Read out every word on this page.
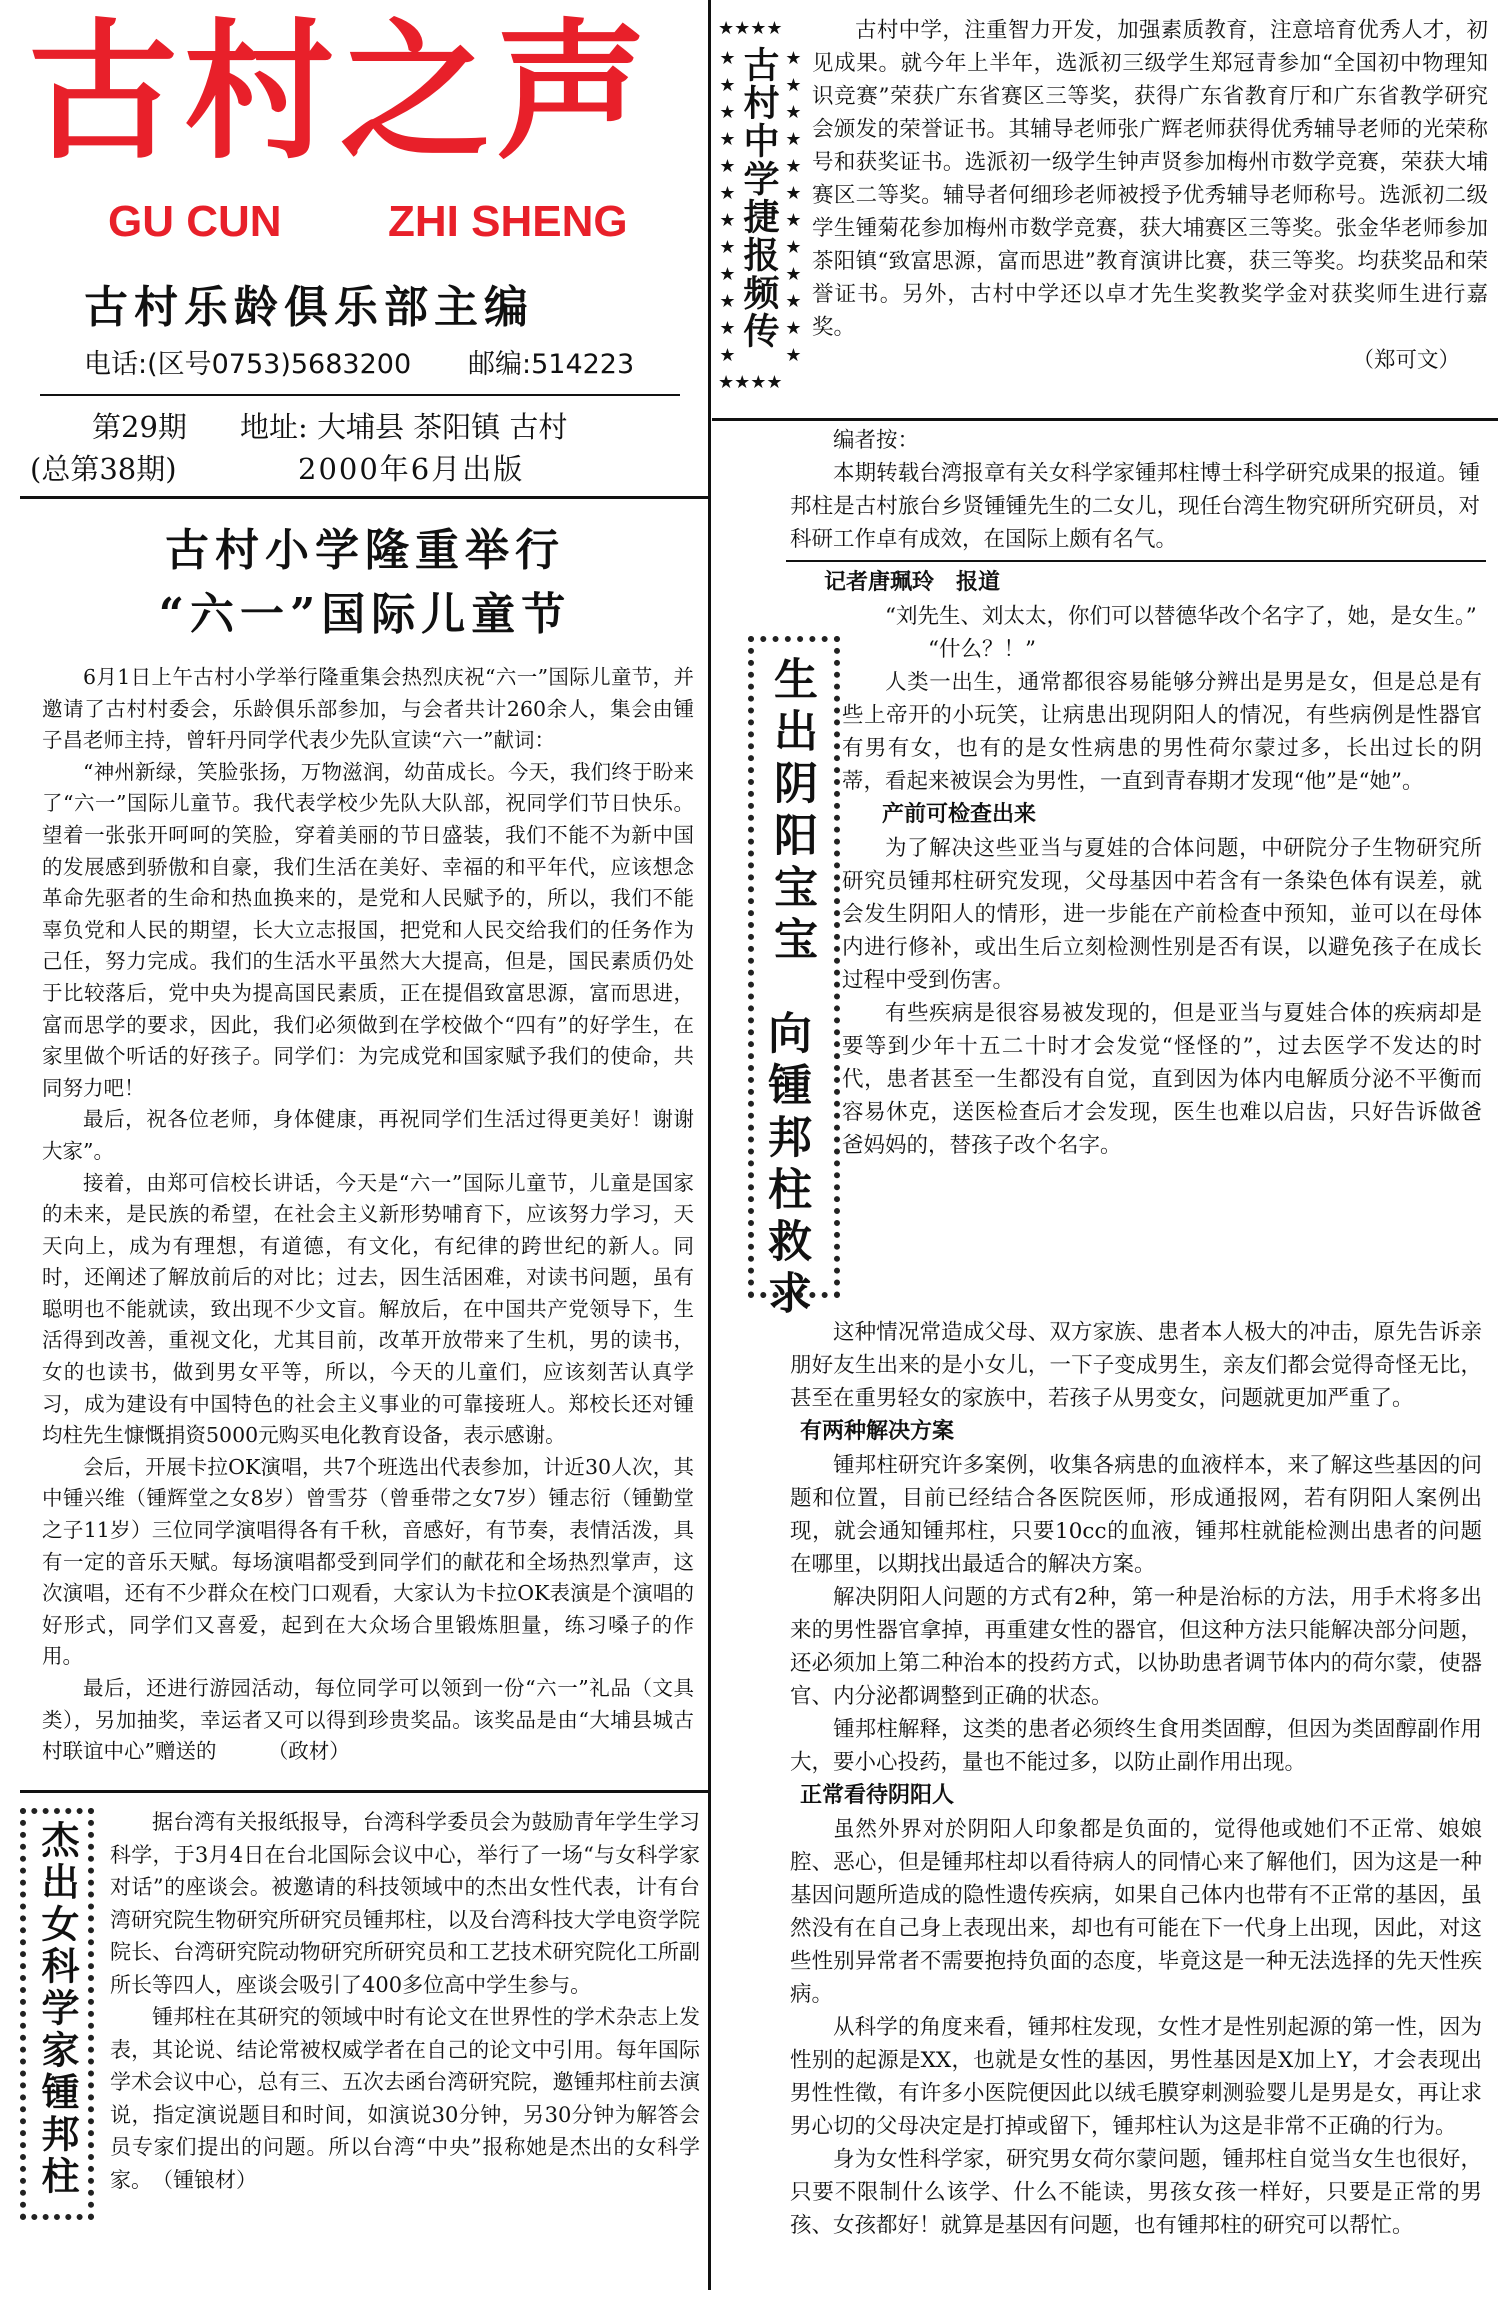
古村之声
GU CUN ZHI SHENG
古村乐龄俱乐部主编
电话:(区号0753)5683200 邮编:514223
第29期 地址: 大埔县 茶阳镇 古村
(总第38期)	2000年6月出版
★★★★
★★★★★★★★★★★★
★★★★★★★★★★★★
古村中学捷报频传
★★★★

古村中学，注重智力开发，加强素质教育，注意培育优秀人才，初见成果。就今年上半年，选派初三级学生郑冠青参加“全国初中物理知识竞赛”荣获广东省赛区三等奖，获得广东省教育厅和广东省教学研究会颁发的荣誉证书。其辅导老师张广辉老师获得优秀辅导老师的光荣称号和获奖证书。选派初一级学生钟声贤参加梅州市数学竞赛，荣获大埔赛区二等奖。辅导者何细珍老师被授予优秀辅导老师称号。选派初二级学生锺菊花参加梅州市数学竞赛，获大埔赛区三等奖。张金华老师参加茶阳镇“致富思源，富而思进”教育演讲比赛，获三等奖。均获奖品和荣誉证书。另外，古村中学还以卓才先生奖教奖学金对获奖师生进行嘉奖。

（郑可文）
古村小学隆重举行
“六一”国际儿童节

6月1日上午古村小学举行隆重集会热烈庆祝“六一”国际儿童节，并邀请了古村村委会，乐龄俱乐部参加，与会者共计260余人，集会由锺子昌老师主持，曾轩丹同学代表少先队宣读“六一”献词：

“神州新绿，笑脸张扬，万物滋润，幼苗成长。今天，我们终于盼来了“六一”国际儿童节。我代表学校少先队大队部，祝同学们节日快乐。望着一张张开呵呵的笑脸，穿着美丽的节日盛装，我们不能不为新中国的发展感到骄傲和自豪，我们生活在美好、幸福的和平年代，应该想念革命先驱者的生命和热血换来的，是党和人民赋予的，所以，我们不能辜负党和人民的期望，长大立志报国，把党和人民交给我们的任务作为己任，努力完成。我们的生活水平虽然大大提高，但是，国民素质仍处于比较落后，党中央为提高国民素质，正在提倡致富思源，富而思进，富而思学的要求，因此，我们必须做到在学校做个“四有”的好学生，在家里做个听话的好孩子。同学们：为完成党和国家赋予我们的使命，共同努力吧！

最后，祝各位老师，身体健康，再祝同学们生活过得更美好！谢谢大家”。

接着，由郑可信校长讲话，今天是“六一”国际儿童节，儿童是国家的未来，是民族的希望，在社会主义新形势哺育下，应该努力学习，天天向上，成为有理想，有道德，有文化，有纪律的跨世纪的新人。同时，还阐述了解放前后的对比；过去，因生活困难，对读书问题，虽有聪明也不能就读，致出现不少文盲。解放后，在中国共产党领导下，生活得到改善，重视文化，尤其目前，改革开放带来了生机，男的读书，女的也读书，做到男女平等，所以，今天的儿童们，应该刻苦认真学习，成为建设有中国特色的社会主义事业的可靠接班人。郑校长还对锺均柱先生慷慨捐资5000元购买电化教育设备，表示感谢。

会后，开展卡拉OK演唱，共7个班选出代表参加，计近30人次，其中锺兴维（锺辉堂之女8岁）曾雪芬（曾垂带之女7岁）锺志衍（锺勤堂之子11岁）三位同学演唱得各有千秋，音感好，有节奏，表情活泼，具有一定的音乐天赋。每场演唱都受到同学们的献花和全场热烈掌声，这次演唱，还有不少群众在校门口观看，大家认为卡拉OK表演是个演唱的好形式，同学们又喜爱，起到在大众场合里锻炼胆量，练习嗓子的作用。

最后，还进行游园活动，每位同学可以领到一份“六一”礼品（文具类），另加抽奖，幸运者又可以得到珍贵奖品。该奖品是由“大埔县城古村联谊中心”赠送的　　　	（政材）

杰出女科学家锺邦柱	据台湾有关报纸报导，台湾科学委员会为鼓励青年学生学习科学，于3月4日在台北国际会议中心，举行了一场“与女科学家对话”的座谈会。被邀请的科技领域中的杰出女性代表，计有台湾研究院生物研究所研究员锺邦柱，以及台湾科技大学电资学院院长、台湾研究院动物研究所研究员和工艺技术研究院化工所副所长等四人，座谈会吸引了400多位高中学生参与。

锺邦柱在其研究的领域中时有论文在世界性的学术杂志上发表，其论说、结论常被权威学者在自己的论文中引用。每年国际学术会议中心，总有三、五次去函台湾研究院，邀锺邦柱前去演说，指定演说题目和时间，如演说30分钟，另30分钟为解答会员专家们提出的问题。所以台湾“中央”报称她是杰出的女科学家。　 （锺锒材）

编者按：

本期转载台湾报章有关女科学家锺邦柱博士科学研究成果的报道。锺邦柱是古村旅台乡贤锺锺先生的二女儿，现任台湾生物究研所究研员，对科研工作卓有成效，在国际上颇有名气。

记者唐珮玲　报道
生出阴阳宝宝
向锺邦柱救求

“刘先生、刘太太，你们可以替德华改个名字了，她，是女生。”

“什么？！”

人类一出生，通常都很容易能够分辨出是男是女，但是总是有些上帝开的小玩笑，让病患出现阴阳人的情况，有些病例是性器官有男有女，也有的是女性病患的男性荷尔蒙过多，长出过长的阴蒂，看起来被误会为男性，一直到青春期才发现“他”是“她”。

产前可检查出来

为了解决这些亚当与夏娃的合体问题，中研院分子生物研究所研究员锺邦柱研究发现，父母基因中若含有一条染色体有误差，就会发生阴阳人的情形，进一步能在产前检查中预知，並可以在母体内进行修补，或出生后立刻检测性别是否有误，以避免孩子在成长过程中受到伤害。

有些疾病是很容易被发现的，但是亚当与夏娃合体的疾病却是要等到少年十五二十时才会发觉“怪怪的”，过去医学不发达的时代，患者甚至一生都没有自觉，直到因为体内电解质分泌不平衡而容易休克，送医检查后才会发现，医生也难以启齿，只好告诉做爸爸妈妈的，替孩子改个名字。

这种情况常造成父母、双方家族、患者本人极大的冲击，原先告诉亲朋好友生出来的是小女儿，一下子变成男生，亲友们都会觉得奇怪无比，甚至在重男轻女的家族中，若孩子从男变女，问题就更加严重了。

有两种解决方案

锺邦柱研究许多案例，收集各病患的血液样本，来了解这些基因的问题和位置，目前已经结合各医院医师，形成通报网，若有阴阳人案例出现，就会通知锺邦柱，只要10cc的血液，锺邦柱就能检测出患者的问题在哪里，以期找出最适合的解决方案。

解决阴阳人问题的方式有2种，第一种是治标的方法，用手术将多出来的男性器官拿掉，再重建女性的器官，但这种方法只能解决部分问题，还必须加上第二种治本的投药方式，以协助患者调节体内的荷尔蒙，使器官、内分泌都调整到正确的状态。

锺邦柱解释，这类的患者必须终生食用类固醇，但因为类固醇副作用大，要小心投药，量也不能过多，以防止副作用出现。

正常看待阴阳人

虽然外界对於阴阳人印象都是负面的，觉得他或她们不正常、娘娘腔、恶心，但是锺邦柱却以看待病人的同情心来了解他们，因为这是一种基因问题所造成的隐性遗传疾病，如果自己体内也带有不正常的基因，虽然没有在自己身上表现出来，却也有可能在下一代身上出现，因此，对这些性别异常者不需要抱持负面的态度，毕竟这是一种无法选择的先天性疾病。

从科学的角度来看，锺邦柱发现，女性才是性别起源的第一性，因为性别的起源是XX，也就是女性的基因，男性基因是X加上Y，才会表现出男性性徵，有许多小医院便因此以绒毛膜穿刺测验婴儿是男是女，再让求男心切的父母决定是打掉或留下，锺邦柱认为这是非常不正确的行为。

身为女性科学家，研究男女荷尔蒙问题，锺邦柱自觉当女生也很好，只要不限制什么该学、什么不能读，男孩女孩一样好，只要是正常的男孩、女孩都好！就算是基因有问题，也有锺邦柱的研究可以帮忙。
